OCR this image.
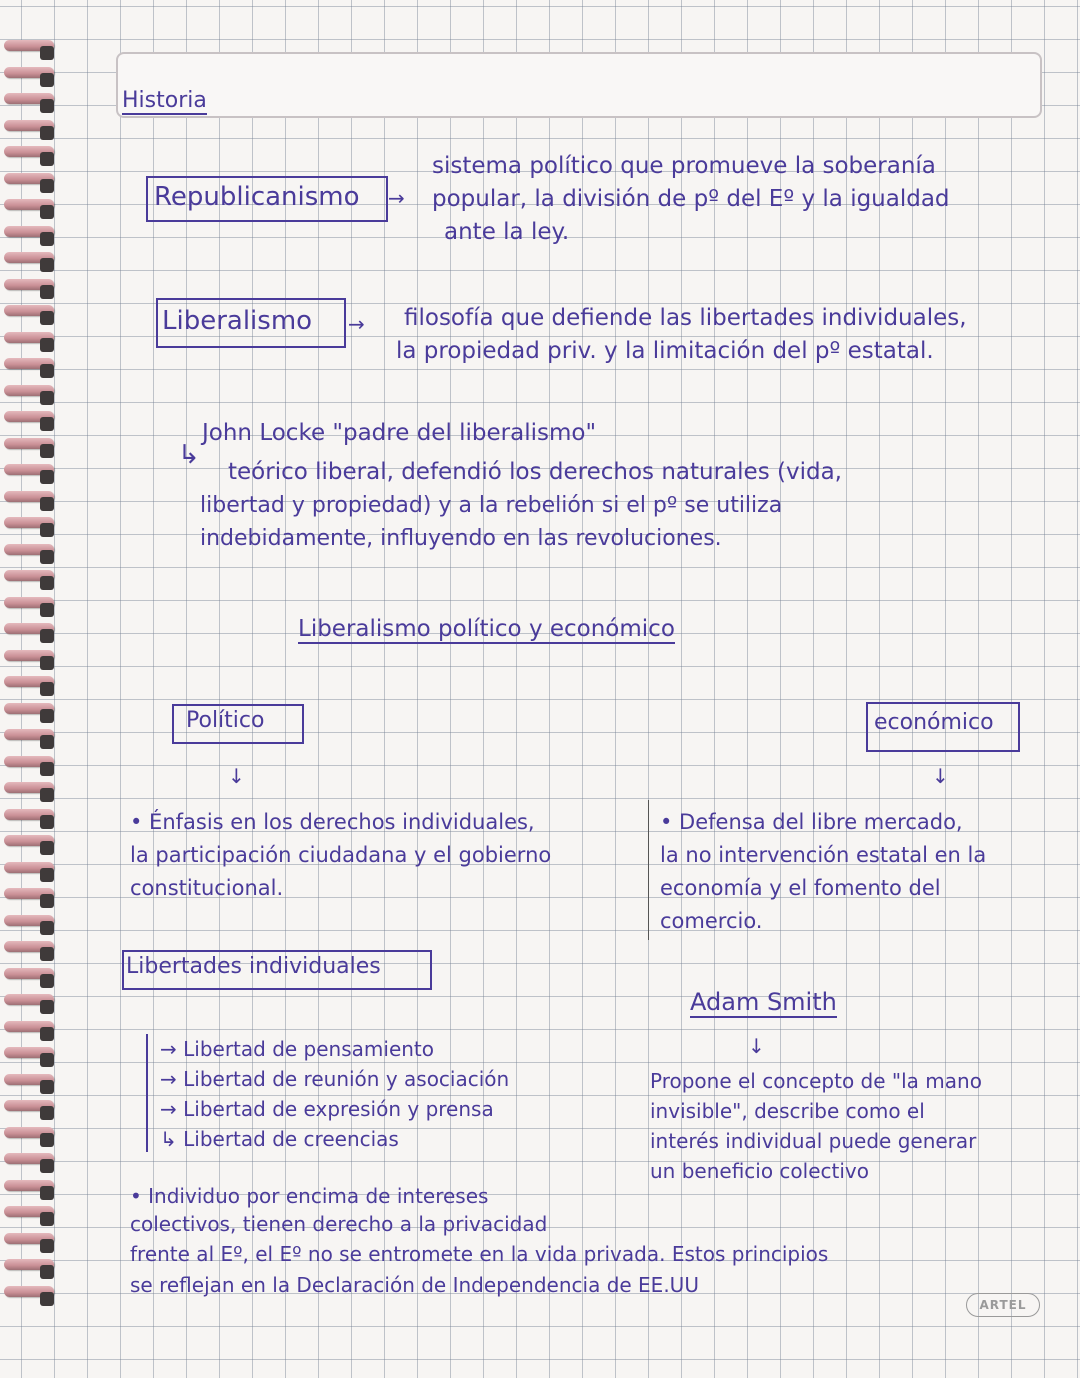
Historia
Republicanismo →
sistema político que promueve la soberanía
popular, la división de pº del Eº y la igualdad
ante la ley.
Liberalismo → filosofía que defiende las libertades individuales,
la propiedad priv. y la limitación del pº estatal.
John Locke "padre del liberalismo"
↳
teórico liberal, defendió los derechos naturales (vida,
libertad y propiedad) y a la rebelión si el pº se utiliza
indebidamente, influyendo en las revoluciones.
Liberalismo político y económico
Político
↓
económico
↓
• Énfasis en los derechos individuales,
la participación ciudadana y el gobierno
constitucional.
• Defensa del libre mercado,
la no intervención estatal en la
economía y el fomento del
comercio.
Libertades individuales
→ Libertad de pensamiento
→ Libertad de reunión y asociación
→ Libertad de expresión y prensa
↳ Libertad de creencias
Adam Smith
↓
Propone el concepto de "la mano
invisible", describe como el
interés individual puede generar
un beneficio colectivo
• Individuo por encima de intereses
colectivos, tienen derecho a la privacidad
frente al Eº, el Eº no se entromete en la vida privada. Estos principios
se reflejan en la Declaración de Independencia de EE.UU
ARTEL
